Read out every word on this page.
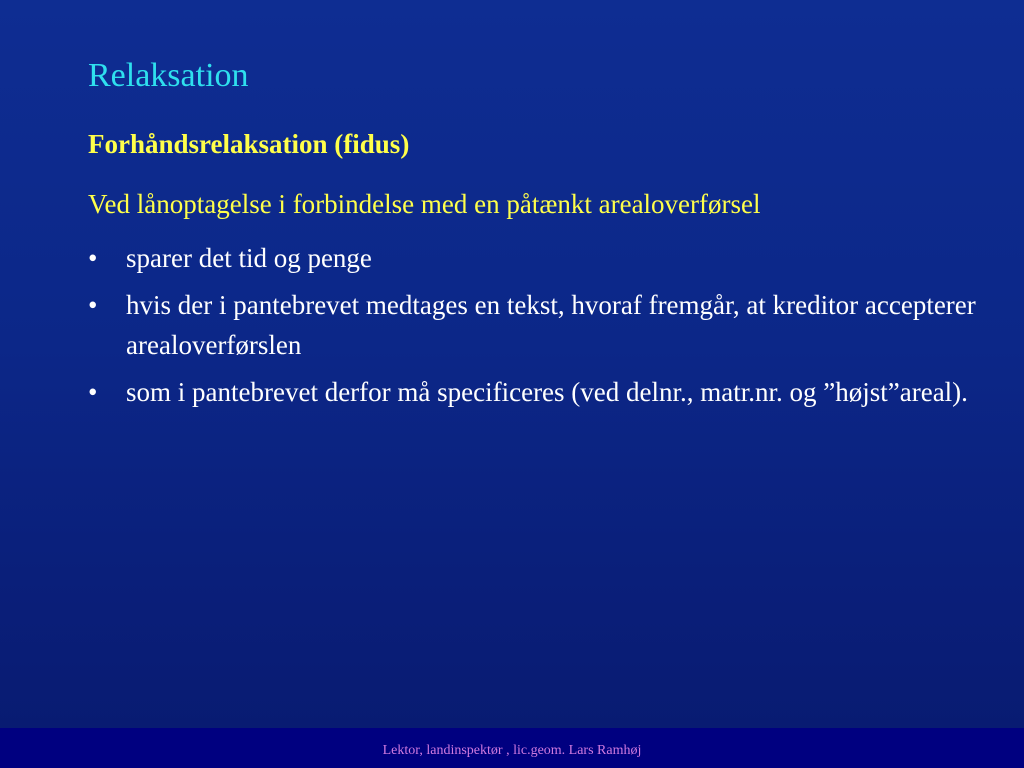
Relaksation
Forhåndsrelaksation (fidus)
Ved lånoptagelse i forbindelse med en påtænkt arealoverførsel
• sparer det tid og penge
• hvis der i pantebrevet medtages en tekst, hvoraf fremgår, at kreditor accepterer arealoverførslen
• som i pantebrevet derfor må specificeres (ved delnr., matr.nr. og ”højst”areal).
Lektor, landinspektør , lic.geom. Lars Ramhøj
